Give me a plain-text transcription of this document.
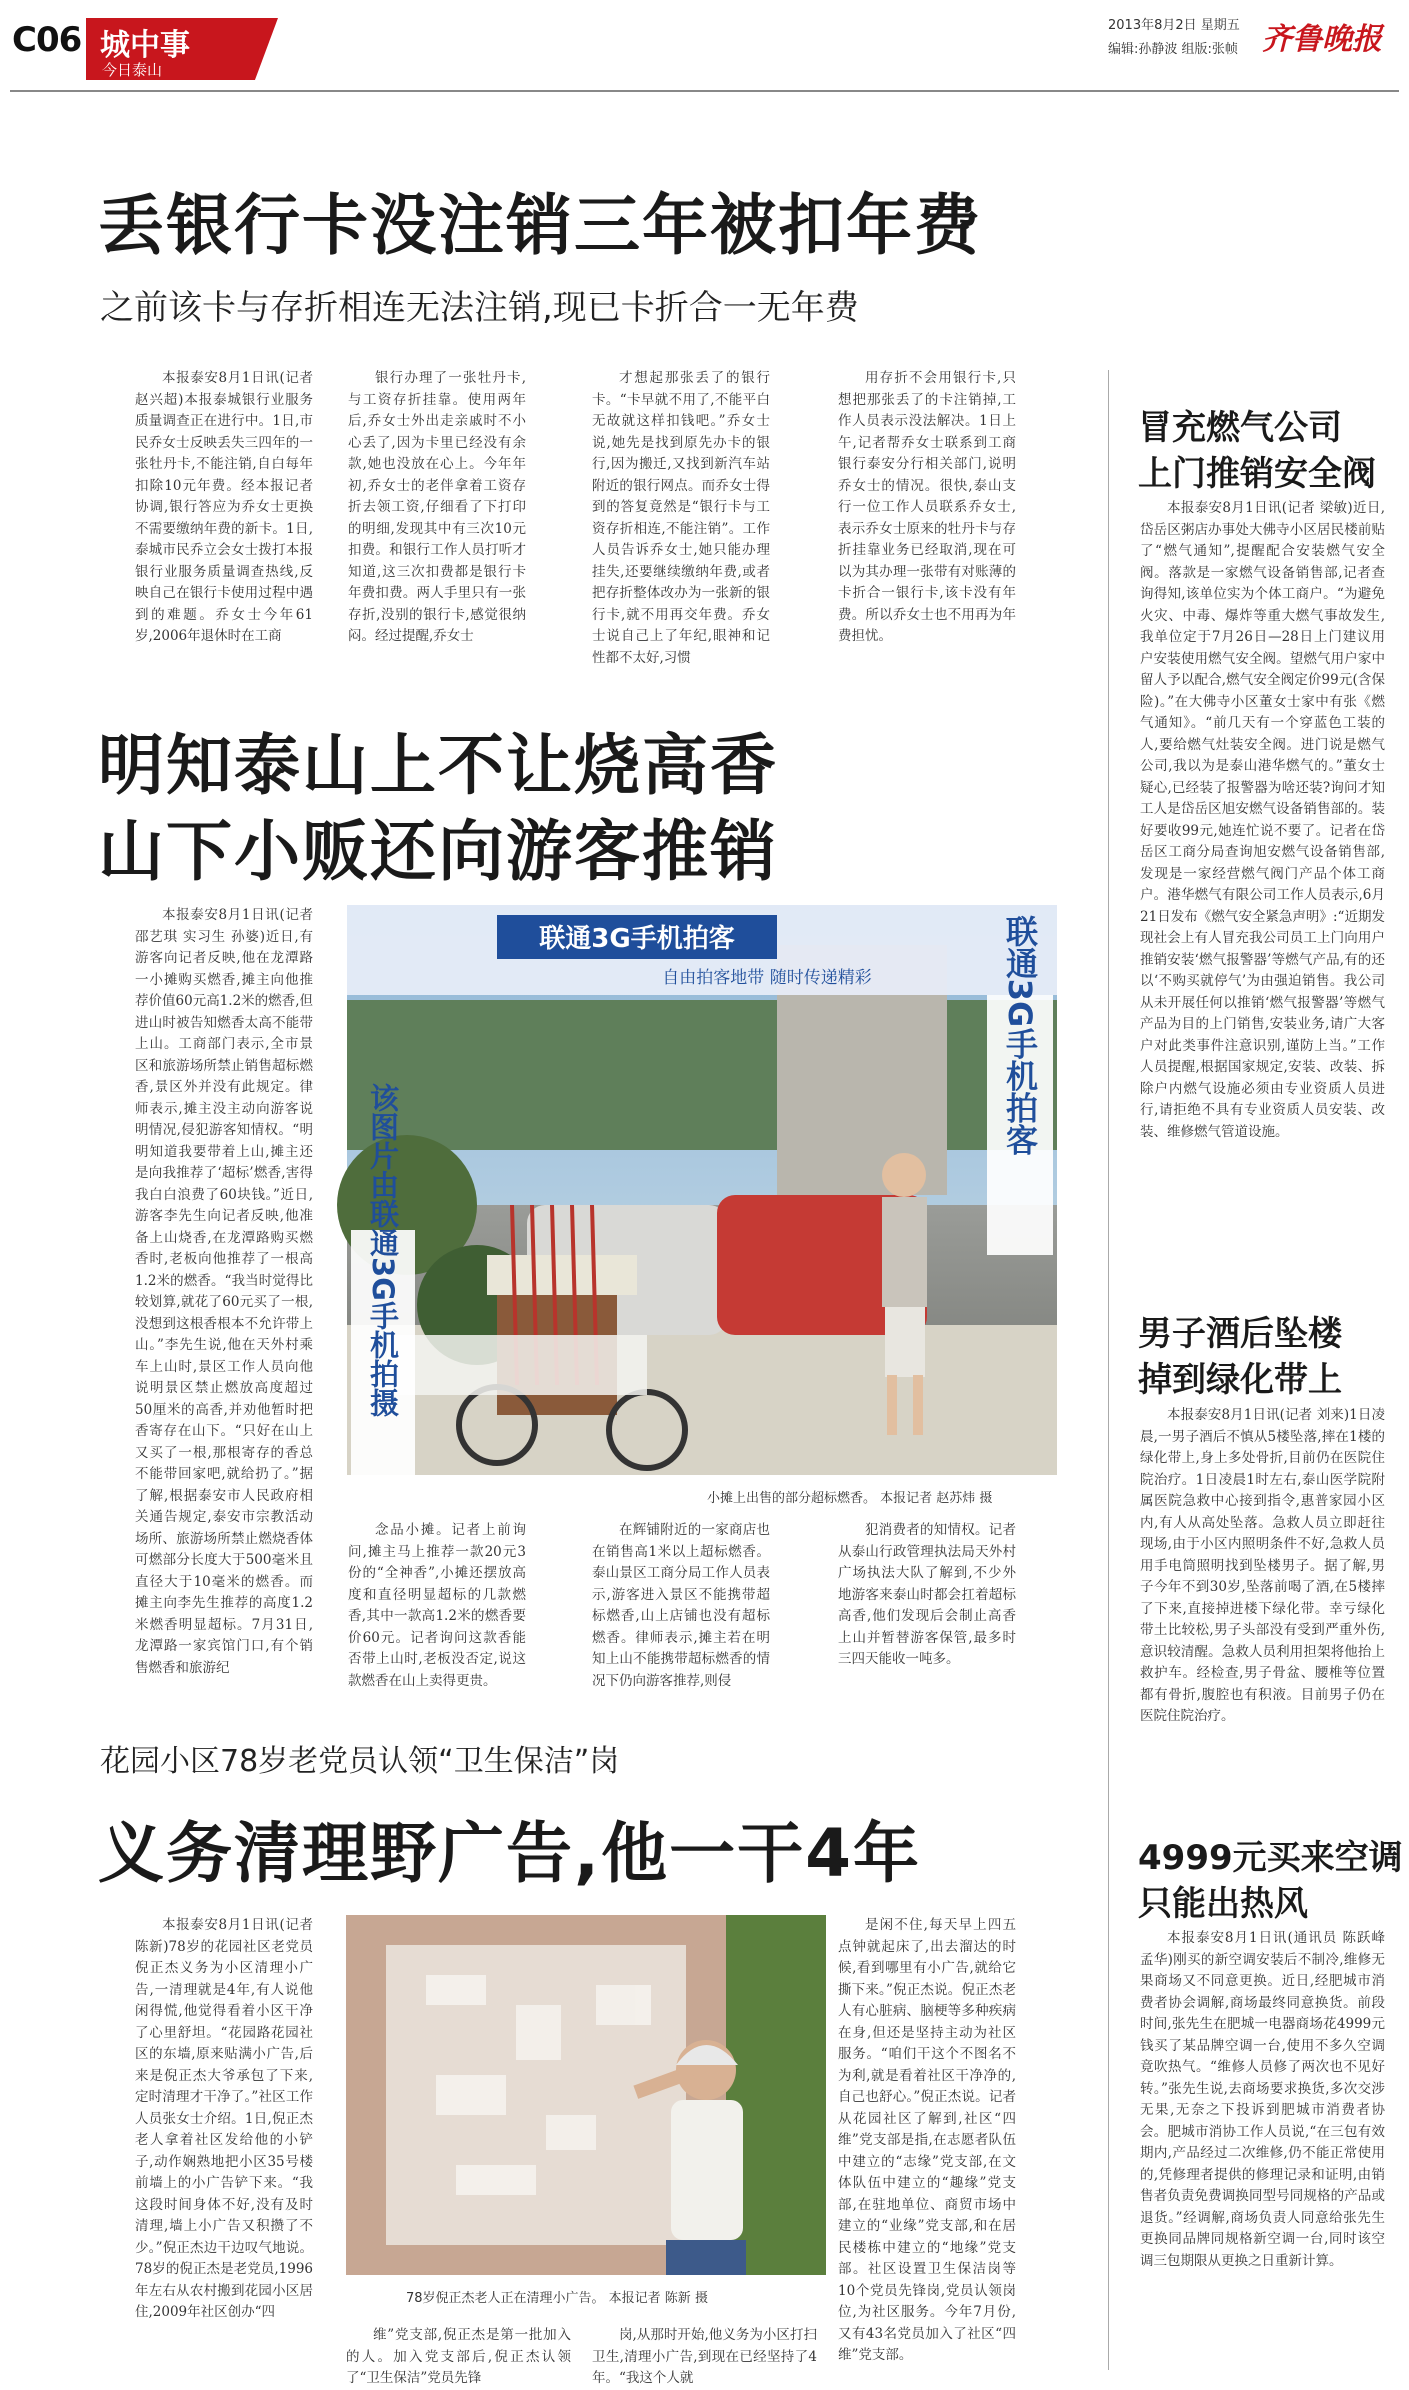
C06 城中事
今日泰山
2013年8月2日 星期五
编辑:孙静波 组版:张帧 齐鲁晚报
丢银行卡没注销三年被扣年费
之前该卡与存折相连无法注销,现已卡折合一无年费

本报泰安8月1日讯(记者赵兴超)本报泰城银行业服务质量调查正在进行中。1日,市民乔女士反映丢失三四年的一张牡丹卡,不能注销,自白每年扣除10元年费。经本报记者协调,银行答应为乔女士更换不需要缴纳年费的新卡。1日,泰城市民乔立会女士拨打本报银行业服务质量调查热线,反映自己在银行卡使用过程中遇到的难题。乔女士今年61岁,2006年退休时在工商

银行办理了一张牡丹卡,与工资存折挂靠。使用两年后,乔女士外出走亲戚时不小心丢了,因为卡里已经没有余款,她也没放在心上。今年年初,乔女士的老伴拿着工资存折去领工资,仔细看了下打印的明细,发现其中有三次10元扣费。和银行工作人员打听才知道,这三次扣费都是银行卡年费扣费。两人手里只有一张存折,没别的银行卡,感觉很纳闷。经过提醒,乔女士

才想起那张丢了的银行卡。“卡早就不用了,不能平白无故就这样扣钱吧。”乔女士说,她先是找到原先办卡的银行,因为搬迁,又找到新汽车站附近的银行网点。而乔女士得到的答复竟然是“银行卡与工资存折相连,不能注销”。工作人员告诉乔女士,她只能办理挂失,还要继续缴纳年费,或者把存折整体改办为一张新的银行卡,就不用再交年费。乔女士说自己上了年纪,眼神和记性都不太好,习惯

用存折不会用银行卡,只想把那张丢了的卡注销掉,工作人员表示没法解决。1日上午,记者帮乔女士联系到工商银行泰安分行相关部门,说明乔女士的情况。很快,泰山支行一位工作人员联系乔女士,表示乔女士原来的牡丹卡与存折挂靠业务已经取消,现在可以为其办理一张带有对账薄的卡折合一银行卡,该卡没有年费。所以乔女士也不用再为年费担忧。

明知泰山上不让烧高香
山下小贩还向游客推销

本报泰安8月1日讯(记者邵艺琪 实习生 孙婆)近日,有游客向记者反映,他在龙潭路一小摊购买燃香,摊主向他推荐价值60元高1.2米的燃香,但进山时被告知燃香太高不能带上山。工商部门表示,全市景区和旅游场所禁止销售超标燃香,景区外并没有此规定。律师表示,摊主没主动向游客说明情况,侵犯游客知情权。“明明知道我要带着上山,摊主还是向我推荐了‘超标’燃香,害得我白白浪费了60块钱。”近日,游客李先生向记者反映,他准备上山烧香,在龙潭路购买燃香时,老板向他推荐了一根高1.2米的燃香。“我当时觉得比较划算,就花了60元买了一根,没想到这根香根本不允许带上山。”李先生说,他在天外村乘车上山时,景区工作人员向他说明景区禁止燃放高度超过50厘米的高香,并劝他暂时把香寄存在山下。“只好在山上又买了一根,那根寄存的香总不能带回家吧,就给扔了。”据了解,根据泰安市人民政府相关通告规定,泰安市宗教活动场所、旅游场所禁止燃烧香体可燃部分长度大于500毫米且直径大于10毫米的燃香。而摊主向李先生推荐的高度1.2米燃香明显超标。7月31日,龙潭路一家宾馆门口,有个销售燃香和旅游纪

联通3G手机拍客
自由拍客地带 随时传递精彩	联通3G手机拍客
该图片由联通3G手机拍摄
小摊上出售的部分超标燃香。 本报记者 赵苏炜 摄

念品小摊。记者上前询问,摊主马上推荐一款20元3份的“全神香”,小摊还摆放高度和直径明显超标的几款燃香,其中一款高1.2米的燃香要价60元。记者询问这款香能否带上山时,老板没否定,说这款燃香在山上卖得更贵。

在辉铺附近的一家商店也在销售高1米以上超标燃香。泰山景区工商分局工作人员表示,游客进入景区不能携带超标燃香,山上店铺也没有超标燃香。律师表示,摊主若在明知上山不能携带超标燃香的情况下仍向游客推荐,则侵

犯消费者的知情权。记者从泰山行政管理执法局天外村广场执法大队了解到,不少外地游客来泰山时都会扛着超标高香,他们发现后会制止高香上山并暂替游客保管,最多时三四天能收一吨多。

花园小区78岁老党员认领“卫生保洁”岗
义务清理野广告,他一干4年

本报泰安8月1日讯(记者陈新)78岁的花园社区老党员倪正杰义务为小区清理小广告,一清理就是4年,有人说他闲得慌,他觉得看着小区干净了心里舒坦。“花园路花园社区的东墙,原来贴满小广告,后来是倪正杰大爷承包了下来,定时清理才干净了。”社区工作人员张女士介绍。1日,倪正杰老人拿着社区发给他的小铲子,动作娴熟地把小区35号楼前墙上的小广告铲下来。“我这段时间身体不好,没有及时清理,墙上小广告又积攒了不少。”倪正杰边干边叹气地说。78岁的倪正杰是老党员,1996年左右从农村搬到花园小区居住,2009年社区创办“四

78岁倪正杰老人正在清理小广告。 本报记者 陈新 摄

是闲不住,每天早上四五点钟就起床了,出去溜达的时候,看到哪里有小广告,就给它撕下来。”倪正杰说。倪正杰老人有心脏病、脑梗等多种疾病在身,但还是坚持主动为社区服务。“咱们干这个不图名不为利,就是看着社区干净净的,自己也舒心。”倪正杰说。记者从花园社区了解到,社区“四维”党支部是指,在志愿者队伍中建立的“志缘”党支部,在文体队伍中建立的“趣缘”党支部,在驻地单位、商贸市场中建立的“业缘”党支部,和在居民楼栋中建立的“地缘”党支部。社区设置卫生保洁岗等10个党员先锋岗,党员认领岗位,为社区服务。今年7月份,又有43名党员加入了社区“四维”党支部。

维”党支部,倪正杰是第一批加入的人。加入党支部后,倪正杰认领了“卫生保洁”党员先锋

岗,从那时开始,他义务为小区打扫卫生,清理小广告,到现在已经坚持了4年。“我这个人就

冒充燃气公司
上门推销安全阀

本报泰安8月1日讯(记者 梁敏)近日,岱岳区粥店办事处大佛寺小区居民楼前贴了“燃气通知”,提醒配合安装燃气安全阀。落款是一家燃气设备销售部,记者查询得知,该单位实为个体工商户。“为避免火灾、中毒、爆炸等重大燃气事故发生,我单位定于7月26日—28日上门建议用户安装使用燃气安全阀。望燃气用户家中留人予以配合,燃气安全阀定价99元(含保险)。”在大佛寺小区董女士家中有张《燃气通知》。“前几天有一个穿蓝色工装的人,要给燃气灶装安全阀。进门说是燃气公司,我以为是泰山港华燃气的。”董女士疑心,已经装了报警器为啥还装?询问才知工人是岱岳区旭安燃气设备销售部的。装好要收99元,她连忙说不要了。记者在岱岳区工商分局查询旭安燃气设备销售部,发现是一家经营燃气阀门产品个体工商户。港华燃气有限公司工作人员表示,6月21日发布《燃气安全紧急声明》:“近期发现社会上有人冒充我公司员工上门向用户推销安装‘燃气报警器’等燃气产品,有的还以‘不购买就停气’为由强迫销售。我公司从未开展任何以推销‘燃气报警器’等燃气产品为目的上门销售,安装业务,请广大客户对此类事件注意识别,谨防上当。”工作人员提醒,根据国家规定,安装、改装、拆除户内燃气设施必须由专业资质人员进行,请拒绝不具有专业资质人员安装、改装、维修燃气管道设施。

男子酒后坠楼
掉到绿化带上

本报泰安8月1日讯(记者 刘来)1日凌晨,一男子酒后不慎从5楼坠落,摔在1楼的绿化带上,身上多处骨折,目前仍在医院住院治疗。1日凌晨1时左右,泰山医学院附属医院急救中心接到指令,惠普家园小区内,有人从高处坠落。急救人员立即赶往现场,由于小区内照明条件不好,急救人员用手电筒照明找到坠楼男子。据了解,男子今年不到30岁,坠落前喝了酒,在5楼摔了下来,直接掉进楼下绿化带。幸亏绿化带土比较松,男子头部没有受到严重外伤,意识较清醒。急救人员利用担架将他抬上救护车。经检查,男子骨盆、腰椎等位置都有骨折,腹腔也有积液。目前男子仍在医院住院治疗。

4999元买来空调
只能出热风

本报泰安8月1日讯(通讯员 陈跃峰 孟华)刚买的新空调安装后不制冷,维修无果商场又不同意更换。近日,经肥城市消费者协会调解,商场最终同意换货。前段时间,张先生在肥城一电器商场花4999元钱买了某品牌空调一台,使用不多久空调竟吹热气。“维修人员修了两次也不见好转。”张先生说,去商场要求换货,多次交涉无果,无奈之下投诉到肥城市消费者协会。肥城市消协工作人员说,“在三包有效期内,产品经过二次维修,仍不能正常使用的,凭修理者提供的修理记录和证明,由销售者负责免费调换同型号同规格的产品或退货。”经调解,商场负责人同意给张先生更换同品牌同规格新空调一台,同时该空调三包期限从更换之日重新计算。
